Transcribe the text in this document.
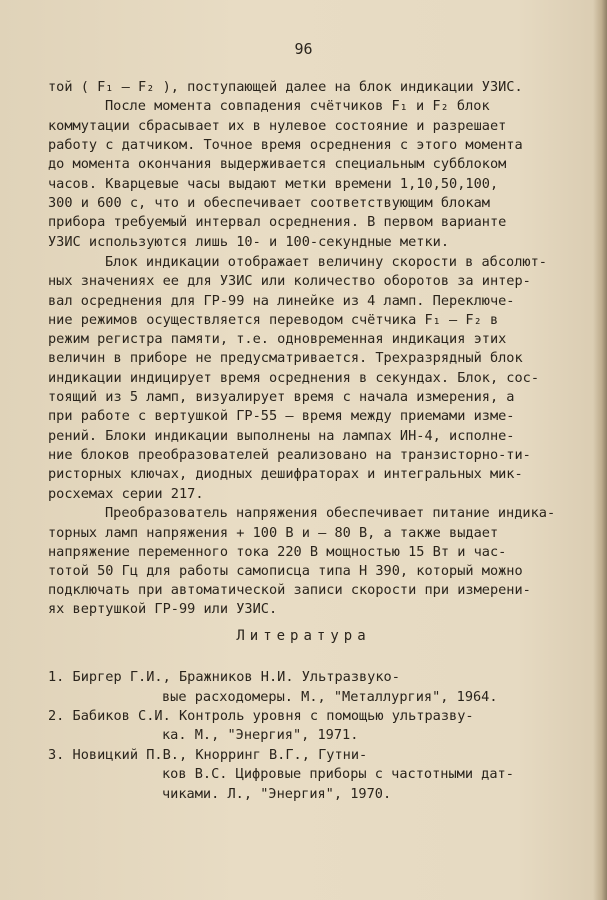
96
той ( F₁ – F₂ ), поступающей далее на блок индикации УЗИС.
После момента совпадения счётчиков F₁ и F₂ блок
коммутации сбрасывает их в нулевое состояние и разрешает
работу с датчиком. Точное время осреднения с этого момента
до момента окончания выдерживается специальным субблоком
часов. Кварцевые часы выдают метки времени 1,10,50,100,
300 и 600 с, что и обеспечивает соответствующим блокам
прибора требуемый интервал осреднения. В первом варианте
УЗИС используются лишь 10- и 100-секундные метки.
Блок индикации отображает величину скорости в абсолют-
ных значениях ее для УЗИС или количество оборотов за интер-
вал осреднения для ГР-99 на линейке из 4 ламп. Переключе-
ние режимов осуществляется переводом счётчика F₁ – F₂ в
режим регистра памяти, т.е. одновременная индикация этих
величин в приборе не предусматривается. Трехразрядный блок
индикации индицирует время осреднения в секундах. Блок, сос-
тоящий из 5 ламп, визуалирует время с начала измерения, а
при работе с вертушкой ГР-55 – время между приемами изме-
рений. Блоки индикации выполнены на лампах ИН-4, исполне-
ние блоков преобразователей реализовано на транзисторно-ти-
ристорных ключах, диодных дешифраторах и интегральных мик-
росхемах серии 217.
Преобразователь напряжения обеспечивает питание индика-
торных ламп напряжения + 100 В и – 80 В, а также выдает
напряжение переменного тока 220 В мощностью 15 Вт и час-
тотой 50 Гц для работы самописца типа Н 390, который можно
подключать при автоматической записи скорости при измерени-
ях вертушкой ГР-99 или УЗИС.
Литература
1. Биргер Г.И., Бражников Н.И. Ультразвуко-
вые расходомеры. М., "Металлургия", 1964.
2. Бабиков С.И. Контроль уровня с помощью ультразву-
ка. М., "Энергия", 1971.
3. Новицкий П.В., Кнорринг В.Г., Гутни-
ков В.С. Цифровые приборы с частотными дат-
чиками. Л., "Энергия", 1970.
